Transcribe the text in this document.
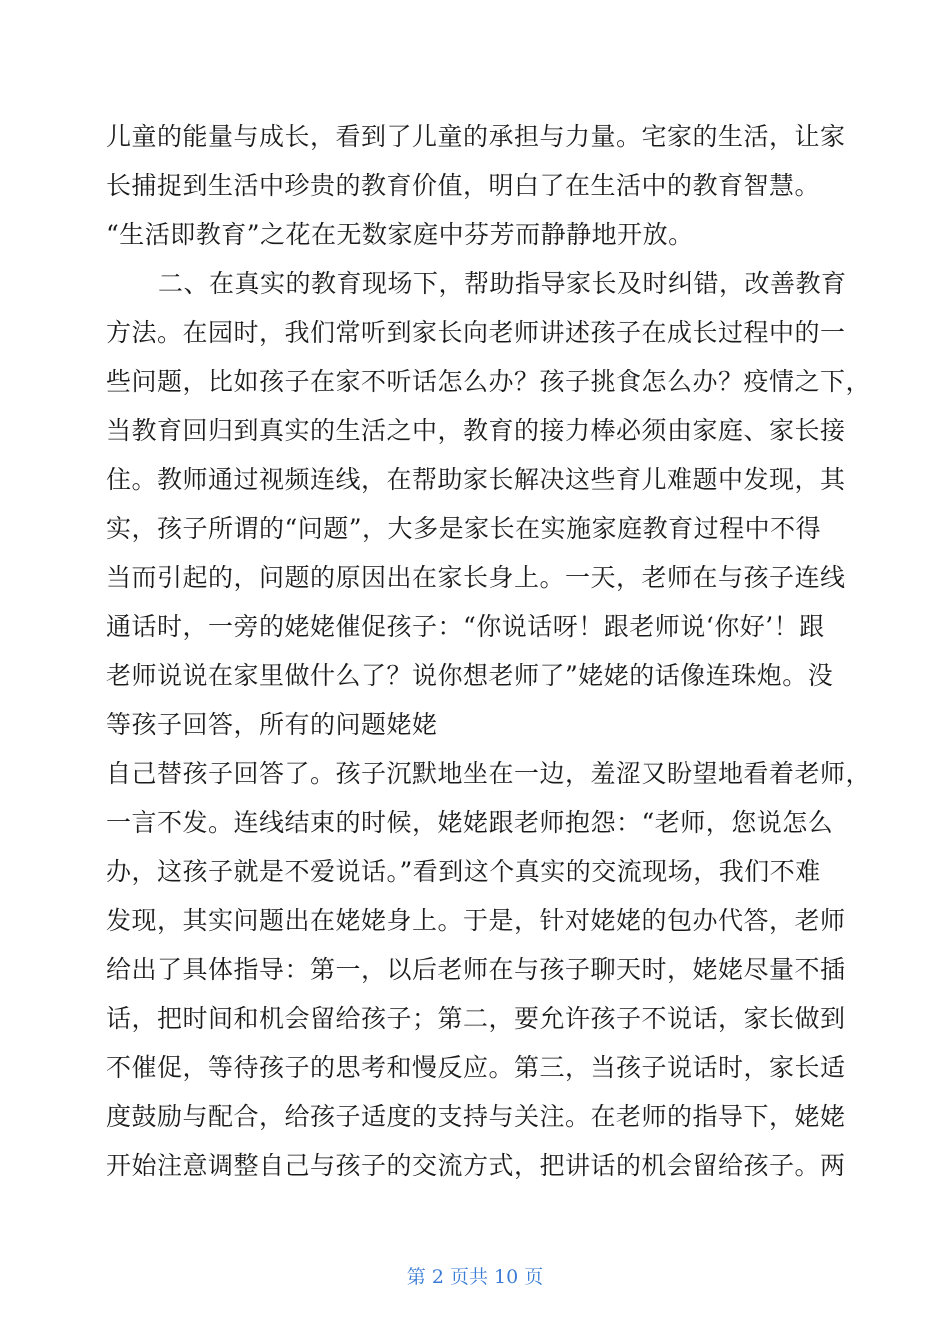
儿童的能量与成长，看到了儿童的承担与力量。宅家的生活，让家
长捕捉到生活中珍贵的教育价值，明白了在生活中的教育智慧。
“生活即教育”之花在无数家庭中芬芳而静静地开放。
二、在真实的教育现场下，帮助指导家长及时纠错，改善教育
方法。在园时，我们常听到家长向老师讲述孩子在成长过程中的一
些问题，比如孩子在家不听话怎么办？孩子挑食怎么办？疫情之下，
当教育回归到真实的生活之中，教育的接力棒必须由家庭、家长接
住。教师通过视频连线，在帮助家长解决这些育儿难题中发现，其
实，孩子所谓的“问题”，大多是家长在实施家庭教育过程中不得
当而引起的，问题的原因出在家长身上。一天，老师在与孩子连线
通话时，一旁的姥姥催促孩子：“你说话呀！跟老师说‘你好’！跟
老师说说在家里做什么了？说你想老师了”姥姥的话像连珠炮。没
等孩子回答，所有的问题姥姥
自己替孩子回答了。孩子沉默地坐在一边，羞涩又盼望地看着老师，
一言不发。连线结束的时候，姥姥跟老师抱怨：“老师，您说怎么
办，这孩子就是不爱说话。”看到这个真实的交流现场，我们不难
发现，其实问题出在姥姥身上。于是，针对姥姥的包办代答，老师
给出了具体指导：第一，以后老师在与孩子聊天时，姥姥尽量不插
话，把时间和机会留给孩子；第二，要允许孩子不说话，家长做到
不催促，等待孩子的思考和慢反应。第三，当孩子说话时，家长适
度鼓励与配合，给孩子适度的支持与关注。在老师的指导下，姥姥
开始注意调整自己与孩子的交流方式，把讲话的机会留给孩子。两
第 2 页共 10 页
